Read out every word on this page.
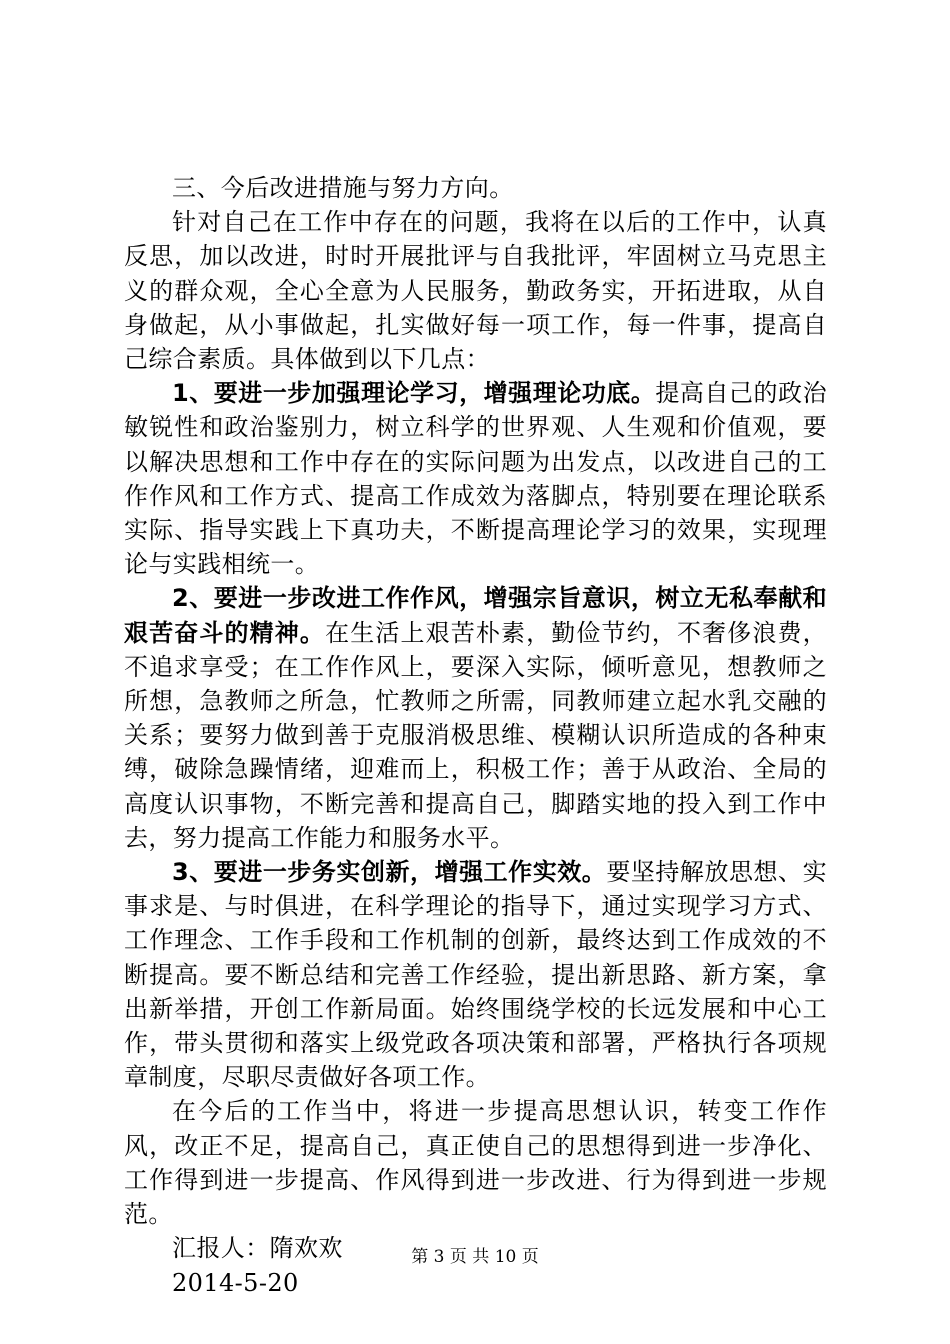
三、今后改进措施与努力方向。

针对自己在工作中存在的问题，我将在以后的工作中，认真反思，加以改进，时时开展批评与自我批评，牢固树立马克思主义的群众观，全心全意为人民服务，勤政务实，开拓进取，从自身做起，从小事做起，扎实做好每一项工作，每一件事，提高自己综合素质。具体做到以下几点：

1、要进一步加强理论学习，增强理论功底。提高自己的政治敏锐性和政治鉴别力，树立科学的世界观、人生观和价值观，要以解决思想和工作中存在的实际问题为出发点，以改进自己的工作作风和工作方式、提高工作成效为落脚点，特别要在理论联系实际、指导实践上下真功夫，不断提高理论学习的效果，实现理论与实践相统一。

2、要进一步改进工作作风，增强宗旨意识，树立无私奉献和艰苦奋斗的精神。在生活上艰苦朴素，勤俭节约，不奢侈浪费，不追求享受；在工作作风上，要深入实际，倾听意见，想教师之所想，急教师之所急，忙教师之所需，同教师建立起水乳交融的关系；要努力做到善于克服消极思维、模糊认识所造成的各种束缚，破除急躁情绪，迎难而上，积极工作；善于从政治、全局的高度认识事物，不断完善和提高自己，脚踏实地的投入到工作中去，努力提高工作能力和服务水平。

3、要进一步务实创新，增强工作实效。要坚持解放思想、实事求是、与时俱进，在科学理论的指导下，通过实现学习方式、工作理念、工作手段和工作机制的创新，最终达到工作成效的不断提高。要不断总结和完善工作经验，提出新思路、新方案，拿出新举措，开创工作新局面。始终围绕学校的长远发展和中心工作，带头贯彻和落实上级党政各项决策和部署，严格执行各项规章制度，尽职尽责做好各项工作。

在今后的工作当中，将进一步提高思想认识，转变工作作风，改正不足，提高自己，真正使自己的思想得到进一步净化、工作得到进一步提高、作风得到进一步改进、行为得到进一步规范。

汇报人：隋欢欢

2014-5-20

第 3 页 共 10 页
